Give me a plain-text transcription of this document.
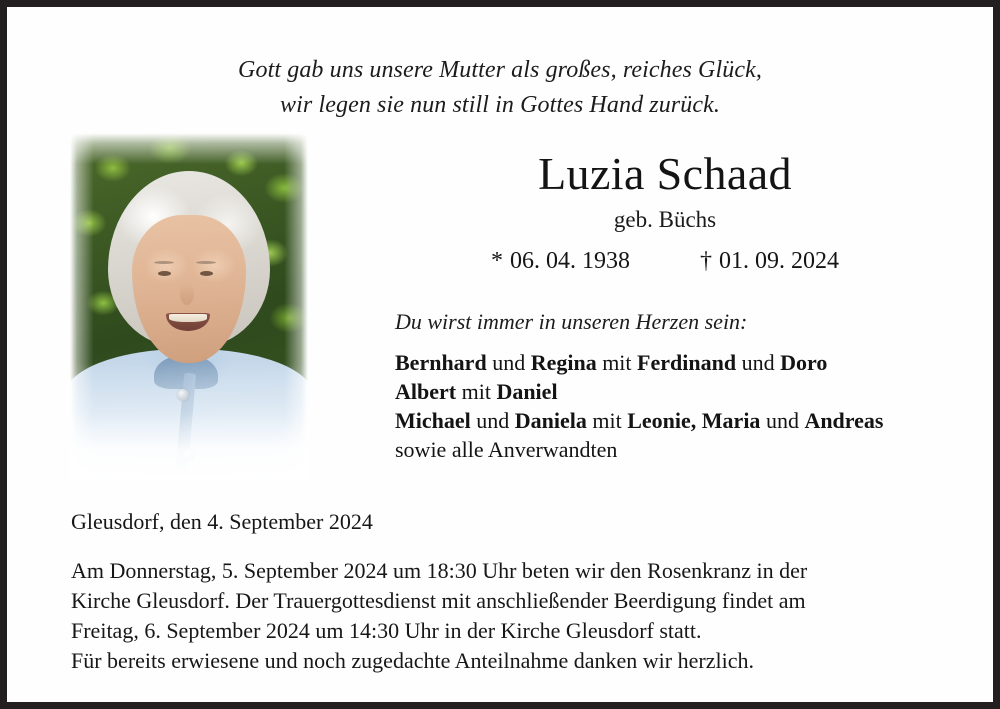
Gott gab uns unsere Mutter als großes, reiches Glück,
wir legen sie nun still in Gottes Hand zurück.
Luzia Schaad
geb. Büchs
* 06. 04. 1938	† 01. 09. 2024
Du wirst immer in unseren Herzen sein:
Bernhard und Regina mit Ferdinand und Doro
Albert mit Daniel
Michael und Daniela mit Leonie, Maria und Andreas
sowie alle Anverwandten
Gleusdorf, den 4. September 2024
Am Donnerstag, 5. September 2024 um 18:30 Uhr beten wir den Rosenkranz in der
Kirche Gleusdorf. Der Trauergottesdienst mit anschließender Beerdigung findet am
Freitag, 6. September 2024 um 14:30 Uhr in der Kirche Gleusdorf statt.
Für bereits erwiesene und noch zugedachte Anteilnahme danken wir herzlich.
